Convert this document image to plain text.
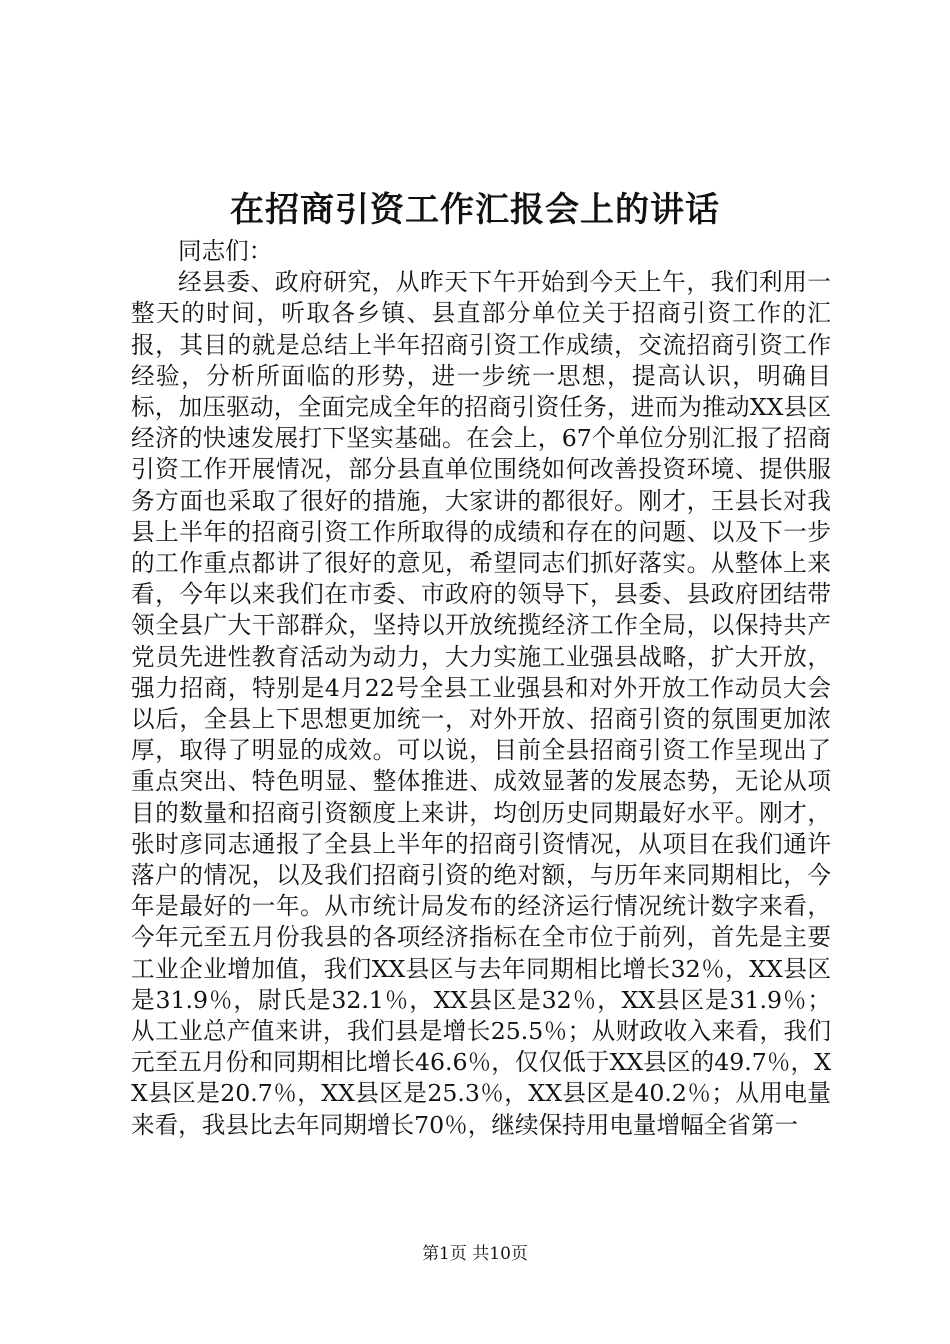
在招商引资工作汇报会上的讲话

同志们：

经县委、政府研究，从昨天下午开始到今天上午，我们利用一整天的时间，听取各乡镇、县直部分单位关于招商引资工作的汇报，其目的就是总结上半年招商引资工作成绩，交流招商引资工作经验，分析所面临的形势，进一步统一思想，提高认识，明确目标，加压驱动，全面完成全年的招商引资任务，进而为推动XX县区经济的快速发展打下坚实基础。在会上，67个单位分别汇报了招商引资工作开展情况，部分县直单位围绕如何改善投资环境、提供服务方面也采取了很好的措施，大家讲的都很好。刚才，王县长对我县上半年的招商引资工作所取得的成绩和存在的问题、以及下一步的工作重点都讲了很好的意见，希望同志们抓好落实。从整体上来看，今年以来我们在市委、市政府的领导下，县委、县政府团结带领全县广大干部群众，坚持以开放统揽经济工作全局，以保持共产党员先进性教育活动为动力，大力实施工业强县战略，扩大开放，强力招商，特别是4月22号全县工业强县和对外开放工作动员大会以后，全县上下思想更加统一，对外开放、招商引资的氛围更加浓厚，取得了明显的成效。可以说，目前全县招商引资工作呈现出了重点突出、特色明显、整体推进、成效显著的发展态势，无论从项目的数量和招商引资额度上来讲，均创历史同期最好水平。刚才，张时彦同志通报了全县上半年的招商引资情况，从项目在我们通许落户的情况，以及我们招商引资的绝对额，与历年来同期相比，今年是最好的一年。从市统计局发布的经济运行情况统计数字来看，今年元至五月份我县的各项经济指标在全市位于前列，首先是主要工业企业增加值，我们XX县区与去年同期相比增长32％，XX县区是31.9％，尉氏是32.1％，XX县区是32％，XX县区是31.9％；从工业总产值来讲，我们县是增长25.5％；从财政收入来看，我们元至五月份和同期相比增长46.6％，仅仅低于XX县区的49.7％，XX县区是20.7％，XX县区是25.3％，XX县区是40.2％；从用电量来看，我县比去年同期增长70％，继续保持用电量增幅全省第一

第1页 共10页
